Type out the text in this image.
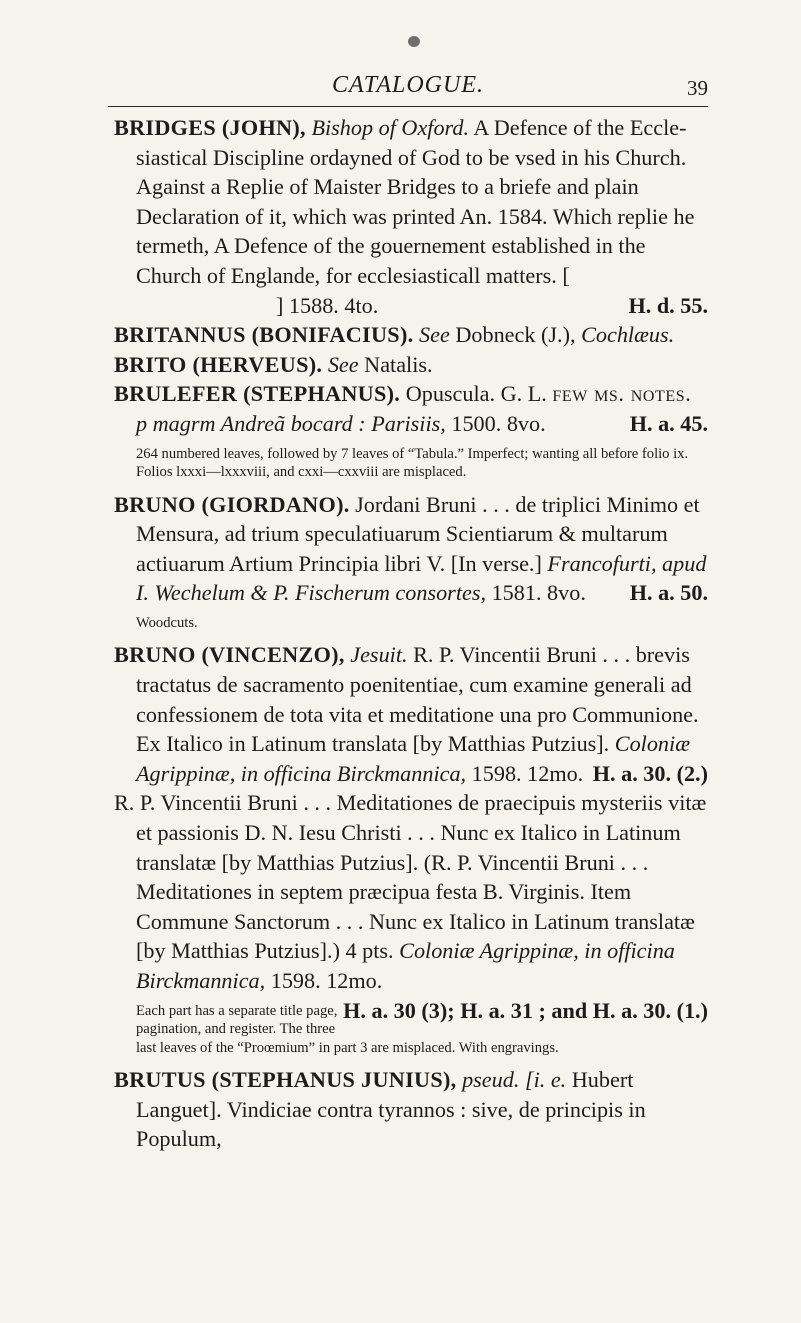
CATALOGUE.	39

BRIDGES (JOHN), Bishop of Oxford. A Defence of the Ecclesiastical Discipline ordayned of God to be vsed in his Church. Against a Replie of Maister Bridges to a briefe and plain Declaration of it, which was printed An. 1584. Which replie he termeth, A Defence of the gouernement established in the Church of Englande, for ecclesiasticall matters. [ ] 1588. 4to.	H. d. 55.

BRITANNUS (BONIFACIUS). See Dobneck (J.), Cochlæus.

BRITO (HERVEUS). See Natalis.

BRULEFER (STEPHANUS). Opuscula. G. L. few ms. notes. p magrm Andreã bocard : Parisiis, 1500. 8vo.	H. a. 45.

264 numbered leaves, followed by 7 leaves of “Tabula.” Imperfect; wanting all before folio ix. Folios lxxxi—lxxxviii, and cxxi—cxxviii are misplaced.

BRUNO (GIORDANO). Jordani Bruni . . . de triplici Minimo et Mensura, ad trium speculatiuarum Scientiarum & multarum actiuarum Artium Principia libri V. [In verse.] Francofurti, apud I. Wechelum & P. Fischerum consortes, 1581. 8vo. H. a. 50.

Woodcuts.

BRUNO (VINCENZO), Jesuit. R. P. Vincentii Bruni . . . brevis tractatus de sacramento poenitentiae, cum examine generali ad confessionem de tota vita et meditatione una pro Communione. Ex Italico in Latinum translata [by Matthias Putzius]. Coloniæ Agrippinæ, in officina Birckmannica, 1598. 12mo. H. a. 30. (2.)

R. P. Vincentii Bruni . . . Meditationes de praecipuis mysteriis vitæ et passionis D. N. Iesu Christi . . . Nunc ex Italico in Latinum translatæ [by Matthias Putzius]. (R. P. Vincentii Bruni . . . Meditationes in septem præcipua festa B. Virginis. Item Commune Sanctorum . . . Nunc ex Italico in Latinum translatæ [by Matthias Putzius].) 4 pts. Coloniæ Agrippinæ, in officina Birckmannica, 1598. 12mo.
H. a. 30 (3); H. a. 31 ; and H. a. 30. (1.)

Each part has a separate title page, pagination, and register. The three last leaves of the “Proœmium” in part 3 are misplaced. With engravings.

BRUTUS (STEPHANUS JUNIUS), pseud. [i. e. Hubert Languet]. Vindiciae contra tyrannos : sive, de principis in Populum,
